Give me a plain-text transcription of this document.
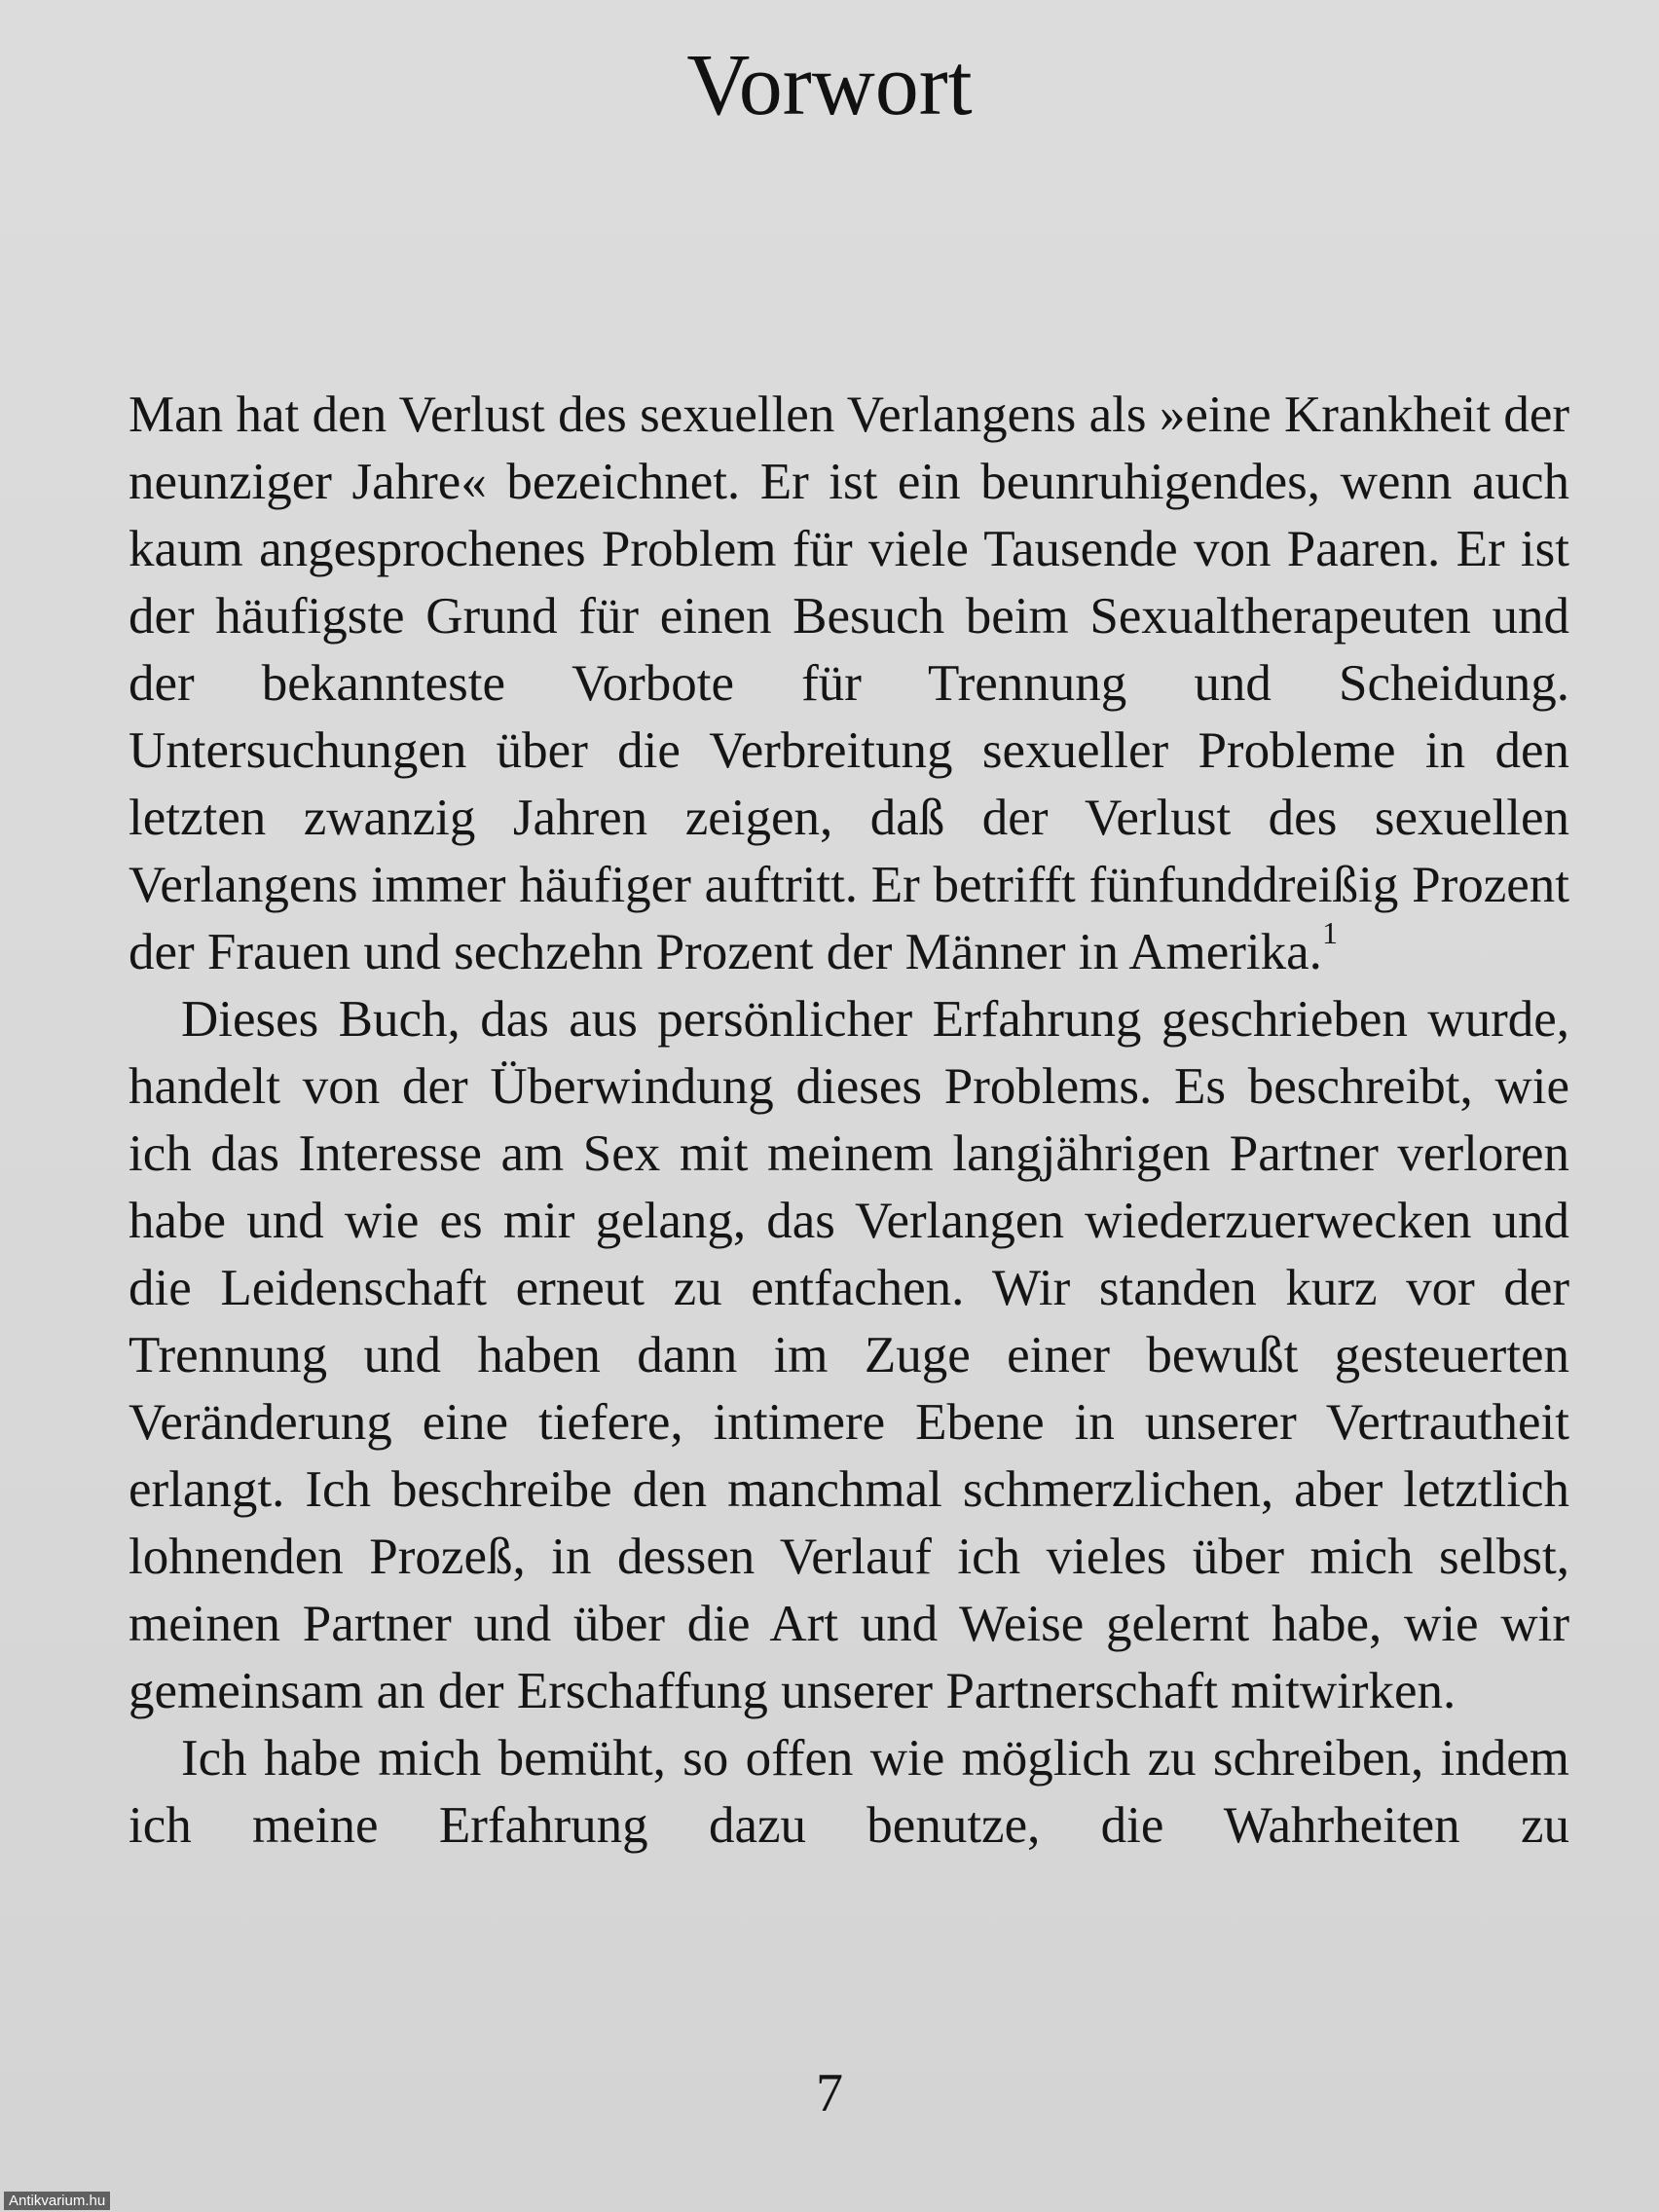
Vorwort

Man hat den Verlust des sexuellen Verlangens als »eine Krankheit der neunziger Jahre« bezeichnet. Er ist ein beunruhigendes, wenn auch kaum angesprochenes Problem für viele Tausende von Paaren. Er ist der häufigste Grund für einen Besuch beim Sexualtherapeuten und der bekannteste Vorbote für Trennung und Scheidung. Untersuchungen über die Verbreitung sexueller Probleme in den letzten zwanzig Jahren zeigen, daß der Verlust des sexuellen Verlangens immer häufiger auftritt. Er betrifft fünfunddreißig Prozent der Frauen und sechzehn Prozent der Männer in Amerika.$^1$

Dieses Buch, das aus persönlicher Erfahrung geschrieben wurde, handelt von der Überwindung dieses Problems. Es beschreibt, wie ich das Interesse am Sex mit meinem langjährigen Partner verloren habe und wie es mir gelang, das Verlangen wiederzuerwecken und die Leidenschaft erneut zu entfachen. Wir standen kurz vor der Trennung und haben dann im Zuge einer bewußt gesteuerten Veränderung eine tiefere, intimere Ebene in unserer Vertrautheit erlangt. Ich beschreibe den manchmal schmerzlichen, aber letztlich lohnenden Prozeß, in dessen Verlauf ich vieles über mich selbst, meinen Partner und über die Art und Weise gelernt habe, wie wir gemeinsam an der Erschaffung unserer Partnerschaft mitwirken.

Ich habe mich bemüht, so offen wie möglich zu schreiben, indem ich meine Erfahrung dazu benutze, die Wahrheiten zu

7
Antikvarium.hu
